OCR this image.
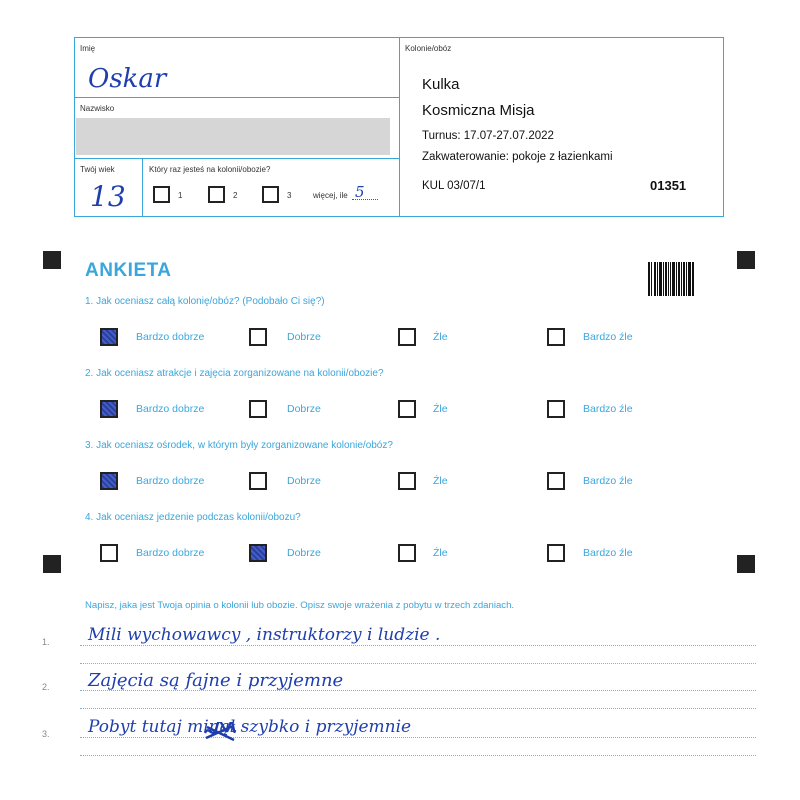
Imię
Oskar
Nazwisko
Twój wiek
13
Który raz jesteś na kolonii/obozie?
1	2	3	więcej, ile 5
Kolonie/obóz
Kulka
Kosmiczna Misja
Turnus: 17.07-27.07.2022
Zakwaterowanie: pokoje z łazienkami
KUL 03/07/1	01351
ANKIETA
1. Jak oceniasz całą kolonię/obóz? (Podobało Ci się?)
Bardzo dobrze	Dobrze	Źle	Bardzo źle
2. Jak oceniasz atrakcje i zajęcia zorganizowane na kolonii/obozie?
Bardzo dobrze	Dobrze	Źle	Bardzo źle
3. Jak oceniasz ośrodek, w którym były zorganizowane kolonie/obóz?
Bardzo dobrze	Dobrze	Źle	Bardzo źle
4. Jak oceniasz jedzenie podczas kolonii/obozu?
Bardzo dobrze	Dobrze	Źle	Bardzo źle
Napisz, jaka jest Twoja opinia o kolonii lub obozie. Opisz swoje wrażenia z pobytu w trzech zdaniach.
1. Mili wychowawcy , instruktorzy i ludzie .
2. Zajęcia są fajne i przyjemne
3. Pobyt tutaj minął szybko i przyjemnie
